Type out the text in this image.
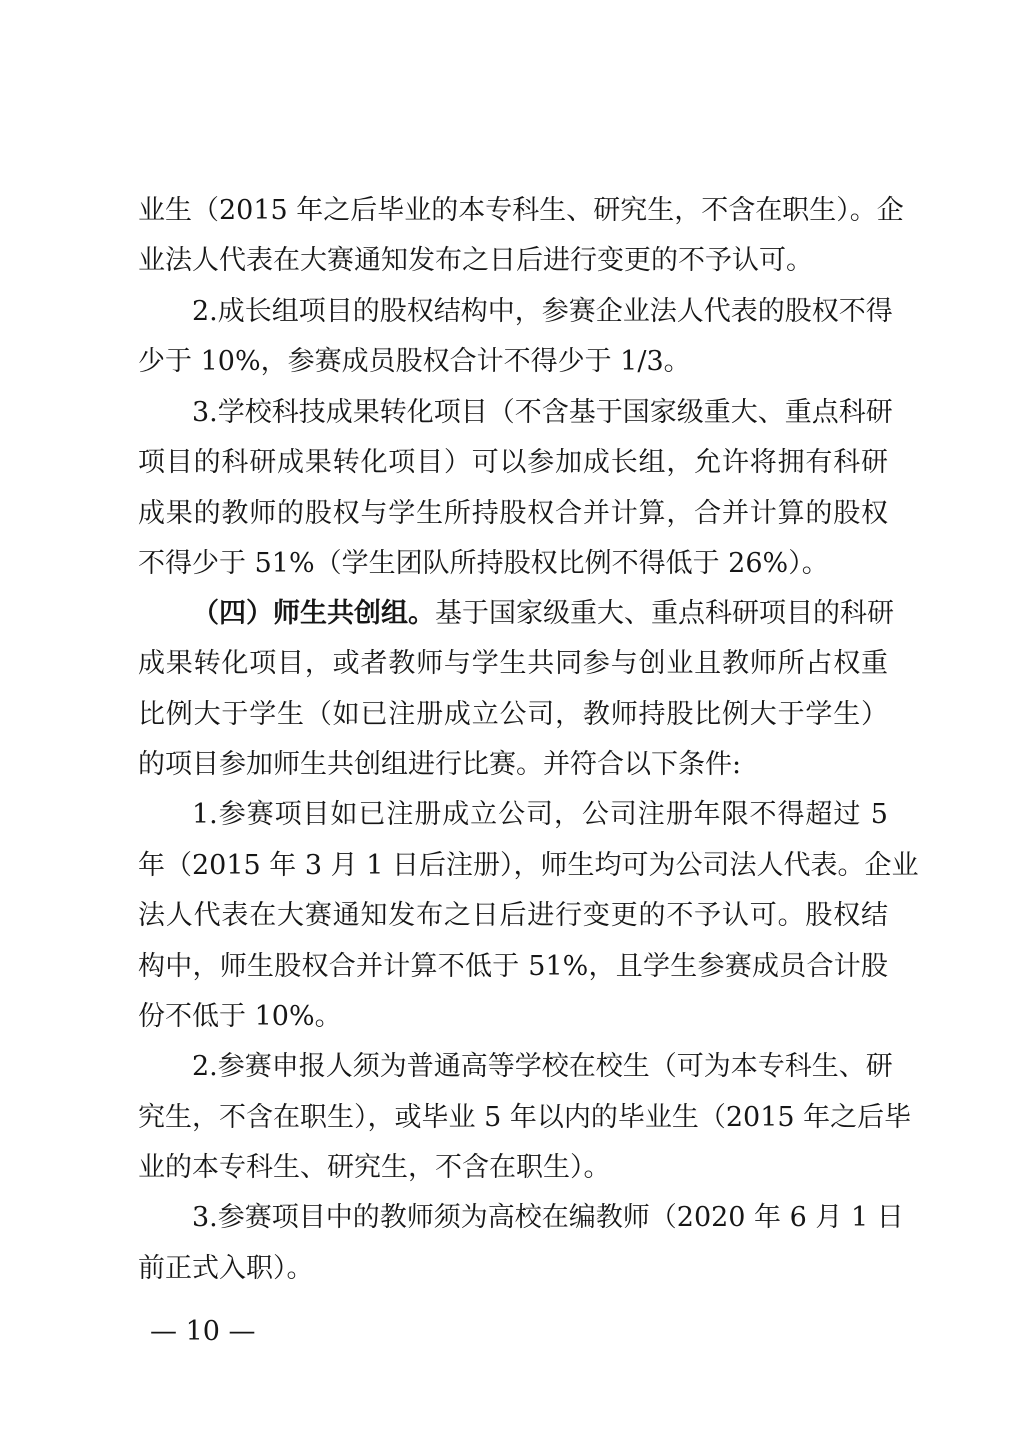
业生（2015 年之后毕业的本专科生、研究生，不含在职生）。企
业法人代表在大赛通知发布之日后进行变更的不予认可。
2.成长组项目的股权结构中，参赛企业法人代表的股权不得
少于 10%，参赛成员股权合计不得少于 1/3。
3.学校科技成果转化项目（不含基于国家级重大、重点科研
项目的科研成果转化项目）可以参加成长组，允许将拥有科研
成果的教师的股权与学生所持股权合并计算，合并计算的股权
不得少于 51%（学生团队所持股权比例不得低于 26%）。
（四）师生共创组。基于国家级重大、重点科研项目的科研
成果转化项目，或者教师与学生共同参与创业且教师所占权重
比例大于学生（如已注册成立公司，教师持股比例大于学生）
的项目参加师生共创组进行比赛。并符合以下条件:
1.参赛项目如已注册成立公司，公司注册年限不得超过 5
年（2015 年 3 月 1 日后注册），师生均可为公司法人代表。企业
法人代表在大赛通知发布之日后进行变更的不予认可。股权结
构中，师生股权合并计算不低于 51%，且学生参赛成员合计股
份不低于 10%。
2.参赛申报人须为普通高等学校在校生（可为本专科生、研
究生，不含在职生），或毕业 5 年以内的毕业生（2015 年之后毕
业的本专科生、研究生，不含在职生）。
3.参赛项目中的教师须为高校在编教师（2020 年 6 月 1 日
前正式入职）。
— 10 —
